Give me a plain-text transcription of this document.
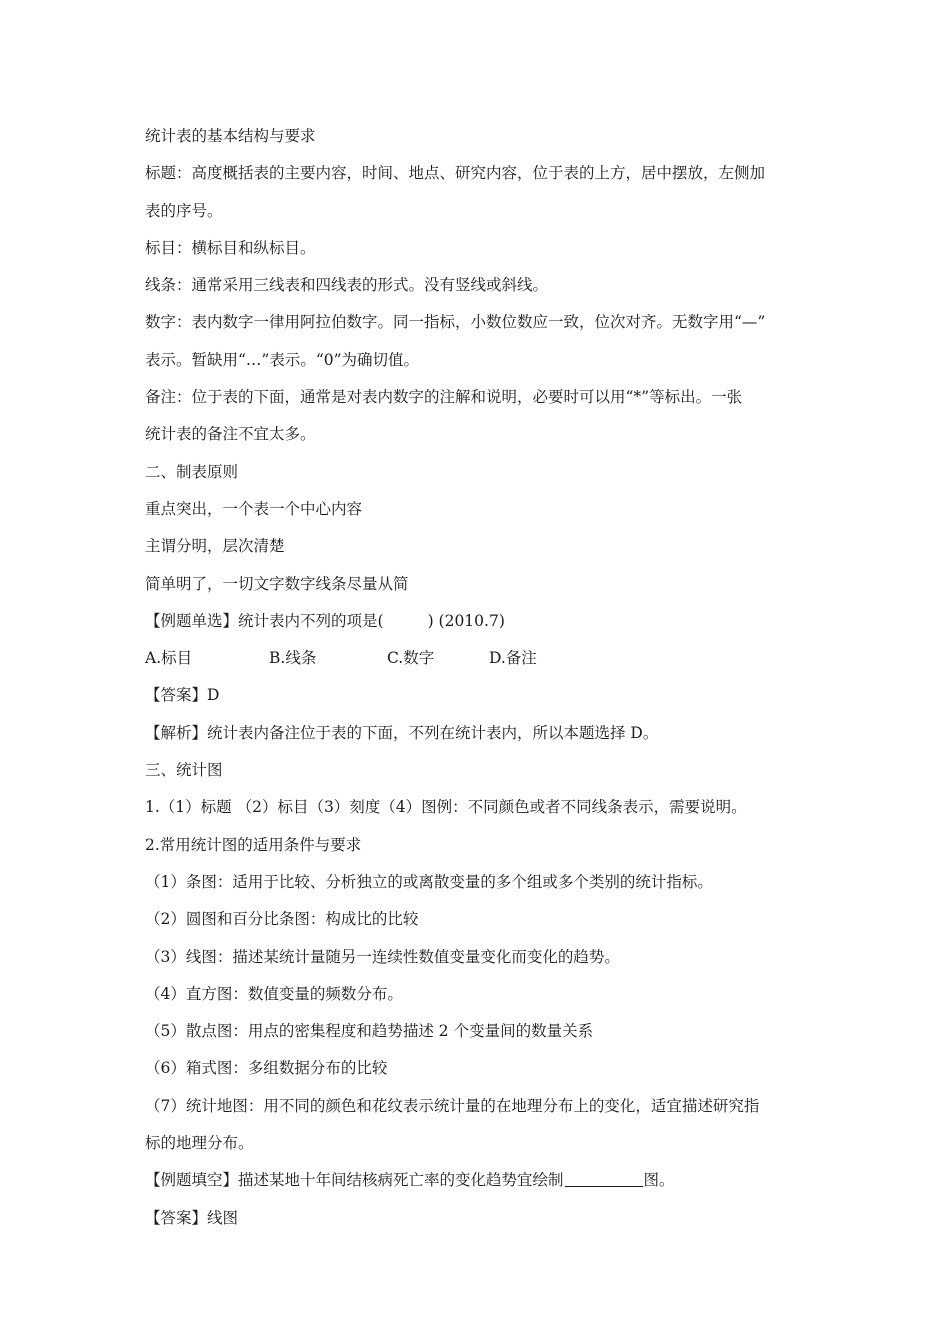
统计表的基本结构与要求
标题：高度概括表的主要内容，时间、地点、研究内容，位于表的上方，居中摆放，左侧加
表的序号。
标目：横标目和纵标目。
线条：通常采用三线表和四线表的形式。没有竖线或斜线。
数字：表内数字一律用阿拉伯数字。同一指标，小数位数应一致，位次对齐。无数字用“—”
表示。暂缺用“…”表示。“0”为确切值。
备注：位于表的下面，通常是对表内数字的注解和说明，必要时可以用“*”等标出。一张
统计表的备注不宜太多。
二、制表原则
重点突出，一个表一个中心内容
主谓分明，层次清楚
简单明了，一切文字数字线条尽量从简
【例题单选】统计表内不列的项是(	) (2010.7)
A.标目	B.线条	C.数字	D.备注
【答案】D
【解析】统计表内备注位于表的下面，不列在统计表内，所以本题选择 D。
三、统计图
1.（1）标题 （2）标目（3）刻度（4）图例：不同颜色或者不同线条表示，需要说明。
2.常用统计图的适用条件与要求
（1）条图：适用于比较、分析独立的或离散变量的多个组或多个类别的统计指标。
（2）圆图和百分比条图：构成比的比较
（3）线图：描述某统计量随另一连续性数值变量变化而变化的趋势。
（4）直方图：数值变量的频数分布。
（5）散点图：用点的密集程度和趋势描述 2 个变量间的数量关系
（6）箱式图：多组数据分布的比较
（7）统计地图：用不同的颜色和花纹表示统计量的在地理分布上的变化，适宜描述研究指
标的地理分布。
【例题填空】描述某地十年间结核病死亡率的变化趋势宜绘制	图。
【答案】线图
